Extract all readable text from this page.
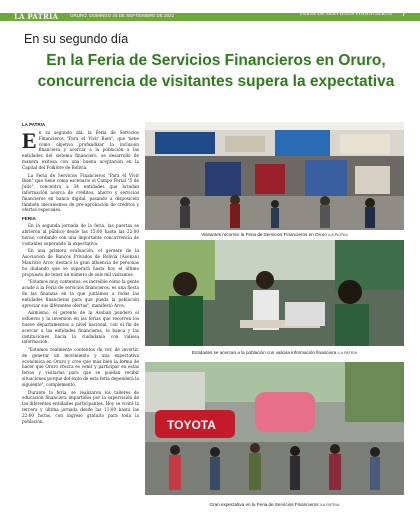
LA PATRIA	ORURO, DOMINGO 25 DE SEPTIEMBRE DE 2022	FERIA DE SERVICIOS FINANCIEROS 7
En su segundo día
En la Feria de Servicios Financieros en Oruro, concurrencia de visitantes supera la expectativa
LA PATRIA

En su segundo día, la Feria de Servicios Financieros "Para el Vivir Bien", que tiene como objetivo profundizar la inclusión financiera y acercar a la población a las entidades del sistema financiero, se desarrolló de manera exitosa con una buena aceptación en la Capital del Folklore de Bolivia.

La Feria de Servicios Financieros "Para el Vivir Bien" que tiene como escenario el Campo Ferial "5 de Julio", concentra a 34 entidades que brindan información acerca de créditos, ahorro y servicios financieros en banca digital, pasando a disposición también mecanismos de pre-aprobación de créditos y ofertas especiales.

FERIA

En la segunda jornada de la feria, las puertas se abrieron al público desde las 15:00 hasta las 22:00 horas, contando con una importante concurrencia de visitantes superando la expectativa.

En una primera evaluación, el gerente de la Asociación de Bancos Privados de Bolivia (Asoban) Mauricio Arce, destacó la gran afluencia de personas no dudando que se superará hasta hoy el último propuesto de tener un número de seis mil visitantes.

"Estamos muy contentos, es increíble cómo la gente acude a la Feria de servicios financieros, es una fiesta de las finanzas en la que juntamos a todas las entidades financieras para que pueda la población apreciar sus diferentes ofertas", manifestó Arce.

Asimismo, el gerente de la Asoban ponderó el esfuerzo y la inversión en las ferias que recorren los nueve departamentos a nivel nacional, con el fin de acercar a las entidades financieras, la banca y las instituciones hacia la ciudadanía con valiosa información.

"Estamos realmente contentos de ver, de invertir, de generar un movimiento y una expectativa económica en Oruro y creo que más bien la forma de hacer que Oruro crezca es venir y participar en estas ferias y visitarlas para que se puedan recibir situaciones porque del éxito de esta feria dependerá la siguiente", complementó.

Durante la feria, se realizaron los talleres de educación financiera impartidos por la supervisión de las diferentes entidades participantes. Hoy se vivirá la tercera y última jornada desde las 11:00 hasta las 22:00 horas, con ingreso gratuito para toda la población.

Visitantes recorren la Feria de Servicios Financieros en Oruro /LA PATRIA
Entidades se acercan a la población con valiosa información financiera /LA PATRIA
TOYOTA
Gran expectativa en la Feria de Servicios Financieros /LA PATRIA
